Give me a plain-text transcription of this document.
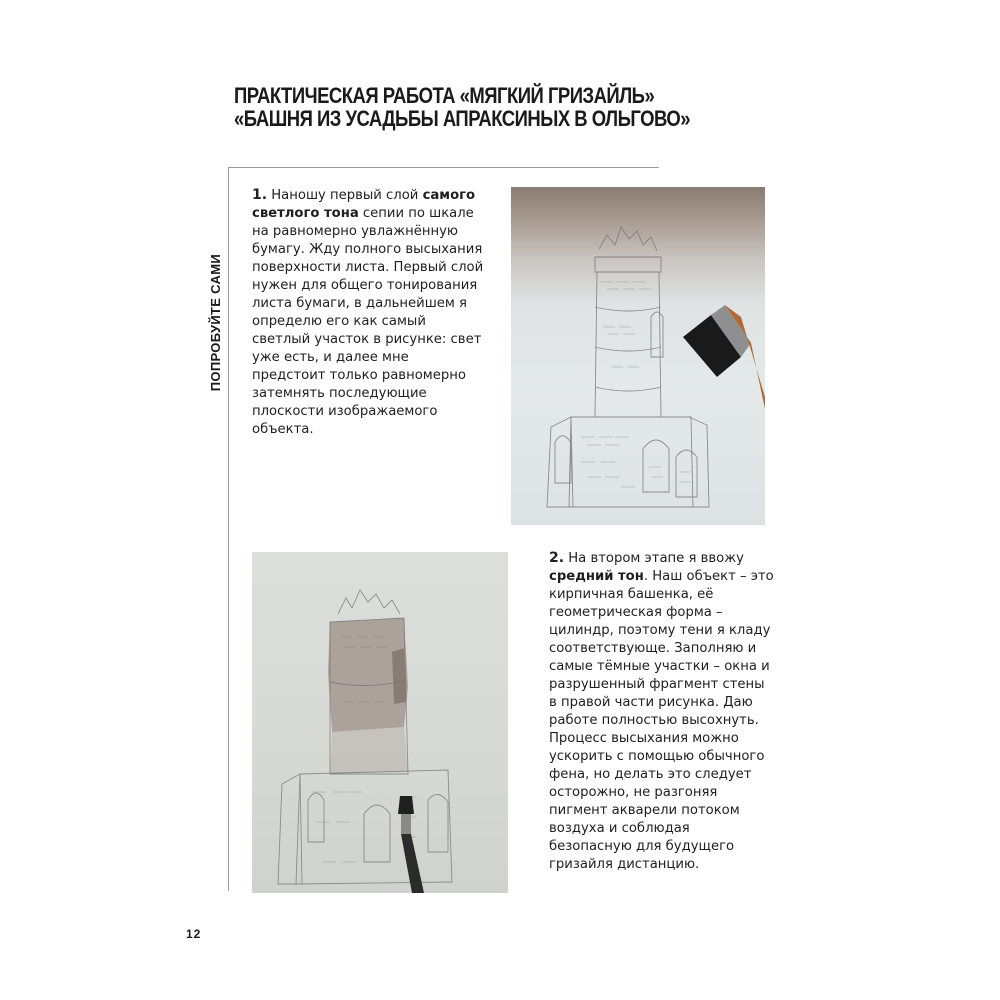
ПРАКТИЧЕСКАЯ РАБОТА «МЯГКИЙ ГРИЗАЙЛЬ»
«БАШНЯ ИЗ УСАДЬБЫ АПРАКСИНЫХ В ОЛЬГОВО»
ПОПРОБУЙТЕ САМИ
1. Наношу первый слой самого светлого тона сепии по шкале на равномерно увлажнённую бумагу. Жду полного высыхания поверхности листа. Первый слой нужен для общего тонирования листа бумаги, в дальнейшем я определю его как самый светлый участок в рисунке: свет уже есть, и далее мне предстоит только равномерно затемнять последующие плоскости изображаемого объекта.
2. На втором этапе я ввожу средний тон. Наш объект – это кирпичная башенка, её геометрическая форма – цилиндр, поэтому тени я кладу соответствующе. Заполняю и самые тёмные участки – окна и разрушенный фрагмент стены в правой части рисунка. Даю работе полностью высохнуть. Процесс высыхания можно ускорить с помощью обычного фена, но делать это следует осторожно, не разгоняя пигмент акварели потоком воздуха и соблюдая безопасную для будущего гризайля дистанцию.
12
